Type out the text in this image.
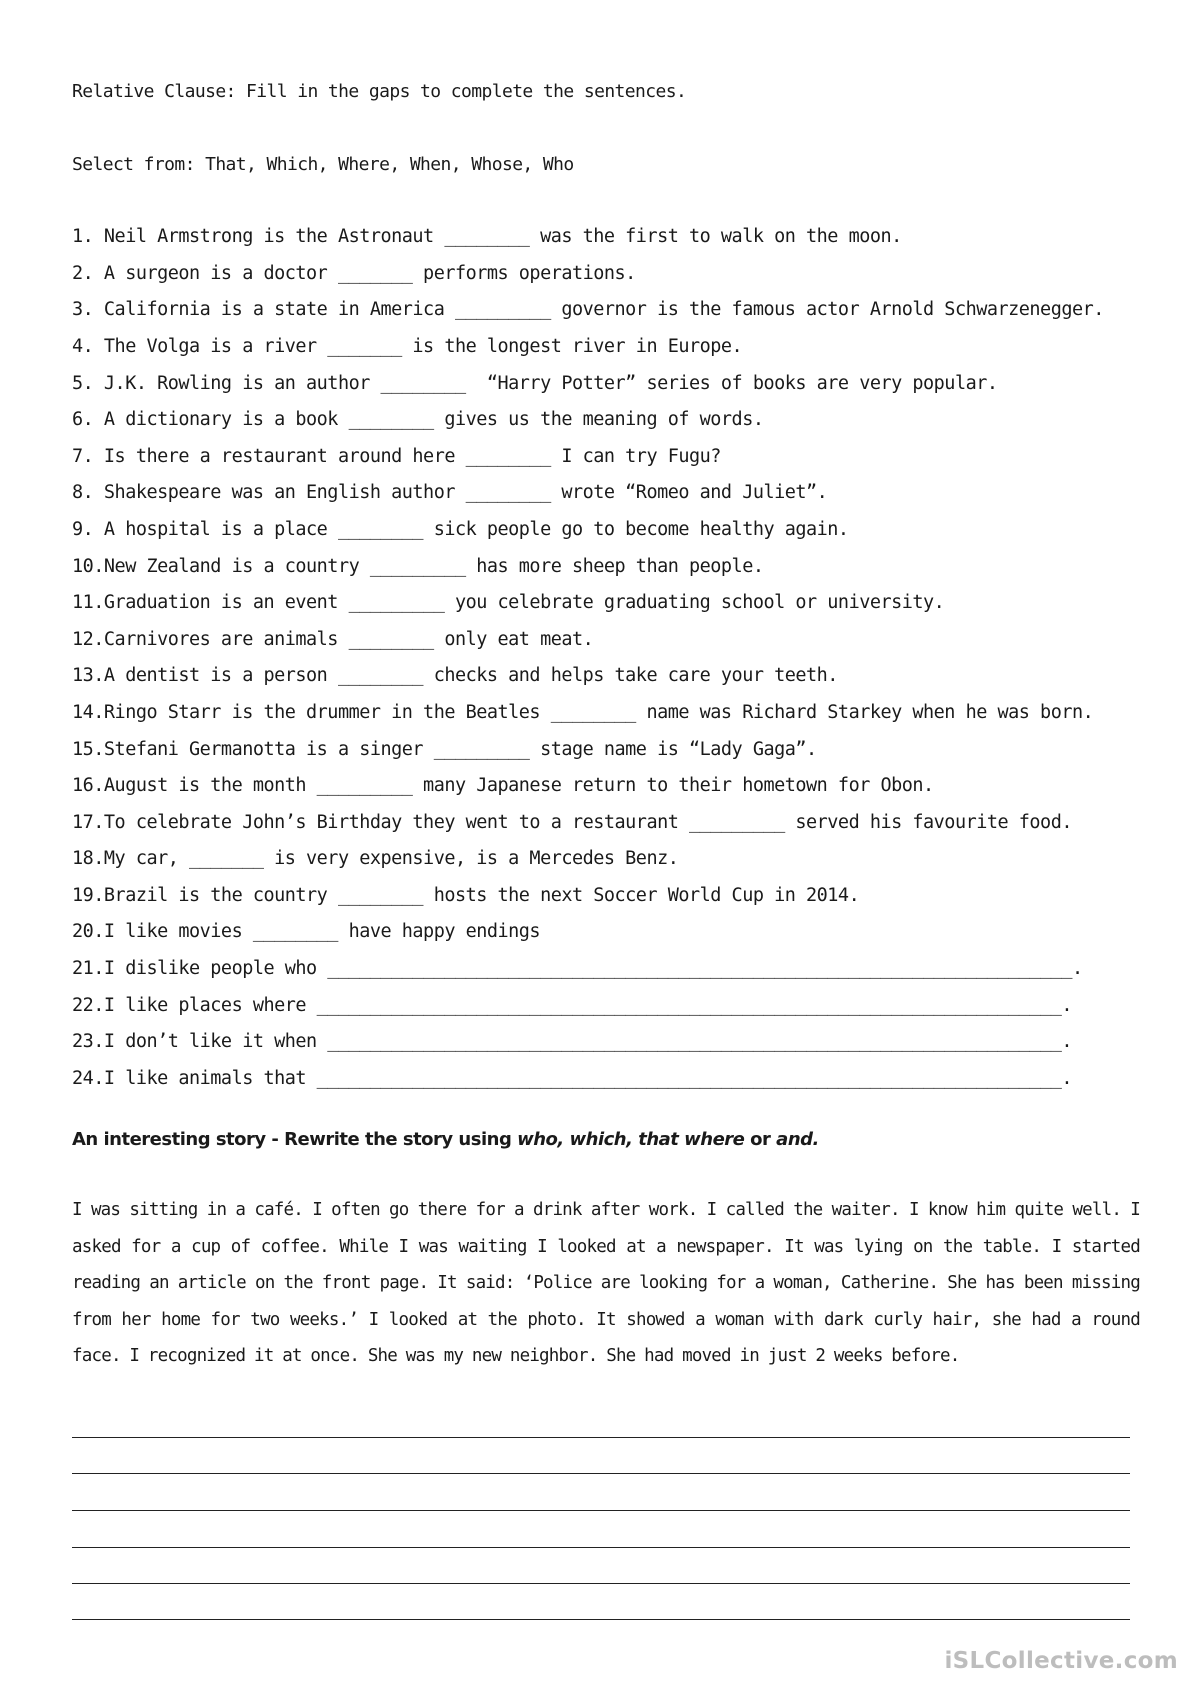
Relative Clause: Fill in the gaps to complete the sentences.
Select from: That, Which, Where, When, Whose, Who
1. Neil Armstrong is the Astronaut ________ was the first to walk on the moon.
2. A surgeon is a doctor _______ performs operations.
3. California is a state in America _________ governor is the famous actor Arnold Schwarzenegger.
4. The Volga is a river _______ is the longest river in Europe.
5. J.K. Rowling is an author ________  “Harry Potter” series of books are very popular.
6. A dictionary is a book ________ gives us the meaning of words.
7. Is there a restaurant around here ________ I can try Fugu?
8. Shakespeare was an English author ________ wrote “Romeo and Juliet”.
9. A hospital is a place ________ sick people go to become healthy again.
10.New Zealand is a country _________ has more sheep than people.
11.Graduation is an event _________ you celebrate graduating school or university.
12.Carnivores are animals ________ only eat meat.
13.A dentist is a person ________ checks and helps take care your teeth.
14.Ringo Starr is the drummer in the Beatles ________ name was Richard Starkey when he was born.
15.Stefani Germanotta is a singer _________ stage name is “Lady Gaga”.
16.August is the month _________ many Japanese return to their hometown for Obon.
17.To celebrate John’s Birthday they went to a restaurant _________ served his favourite food.
18.My car, _______ is very expensive, is a Mercedes Benz.
19.Brazil is the country ________ hosts the next Soccer World Cup in 2014.
20.I like movies ________ have happy endings
21.I dislike people who ______________________________________________________________________.
22.I like places where ______________________________________________________________________.
23.I don’t like it when _____________________________________________________________________.
24.I like animals that ______________________________________________________________________.
An interesting story - Rewrite the story using who, which, that where or and.
I was sitting in a café. I often go there for a drink after work. I called the waiter. I know him quite well. I asked for a cup of coffee. While I was waiting I looked at a newspaper. It was lying on the table. I started reading an article on the front page. It said: ‘Police are looking for a woman, Catherine. She has been missing from her home for two weeks.’ I looked at the photo. It showed a woman with dark curly hair, she had a round face. I recognized it at once. She was my new neighbor. She had moved in just 2 weeks before.
iSLCollective.com
